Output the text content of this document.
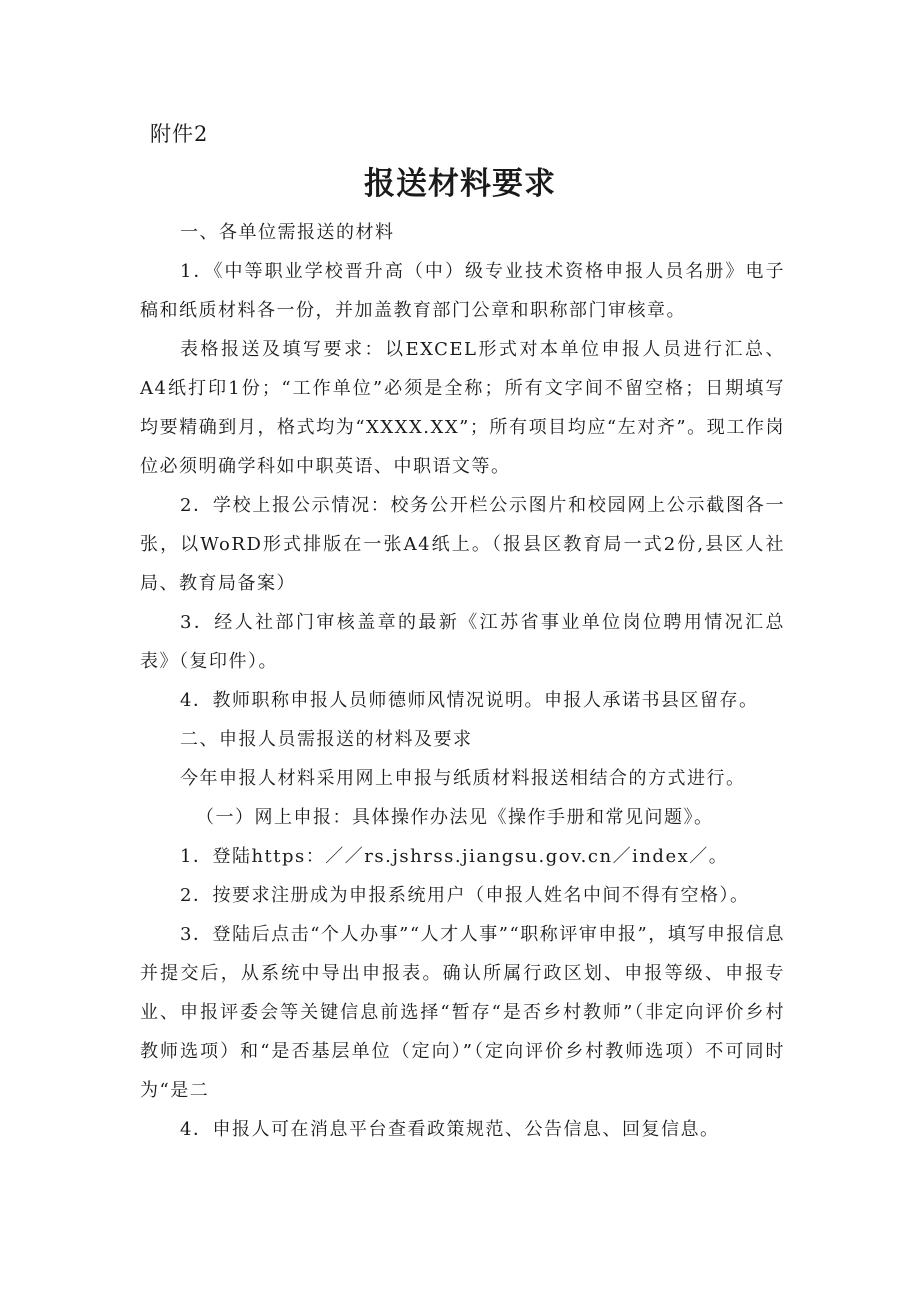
附件2
报送材料要求

一、各单位需报送的材料

1．《中等职业学校晋升高（中）级专业技术资格申报人员名册》电子稿和纸质材料各一份，并加盖教育部门公章和职称部门审核章。

表格报送及填写要求：以EXCEL形式对本单位申报人员进行汇总、A4纸打印1份；“工作单位”必须是全称；所有文字间不留空格；日期填写均要精确到月，格式均为“XXXX.XX”；所有项目均应“左对齐”。现工作岗位必须明确学科如中职英语、中职语文等。

2．学校上报公示情况：校务公开栏公示图片和校园网上公示截图各一张，以WoRD形式排版在一张A4纸上。（报县区教育局一式2份,县区人社局、教育局备案）

3．经人社部门审核盖章的最新《江苏省事业单位岗位聘用情况汇总表》（复印件）。

4．教师职称申报人员师德师风情况说明。申报人承诺书县区留存。

二、申报人员需报送的材料及要求

今年申报人材料采用网上申报与纸质材料报送相结合的方式进行。

（一）网上申报：具体操作办法见《操作手册和常见问题》。

1．登陆https：／／rs.jshrss.jiangsu.gov.cn／index／。

2．按要求注册成为申报系统用户（申报人姓名中间不得有空格）。

3．登陆后点击“个人办事”“人才人事”“职称评审申报”，填写申报信息并提交后，从系统中导出申报表。确认所属行政区划、申报等级、申报专业、申报评委会等关键信息前选择“暂存“是否乡村教师”（非定向评价乡村教师选项）和“是否基层单位（定向）”（定向评价乡村教师选项）不可同时为“是二

4．申报人可在消息平台查看政策规范、公告信息、回复信息。
